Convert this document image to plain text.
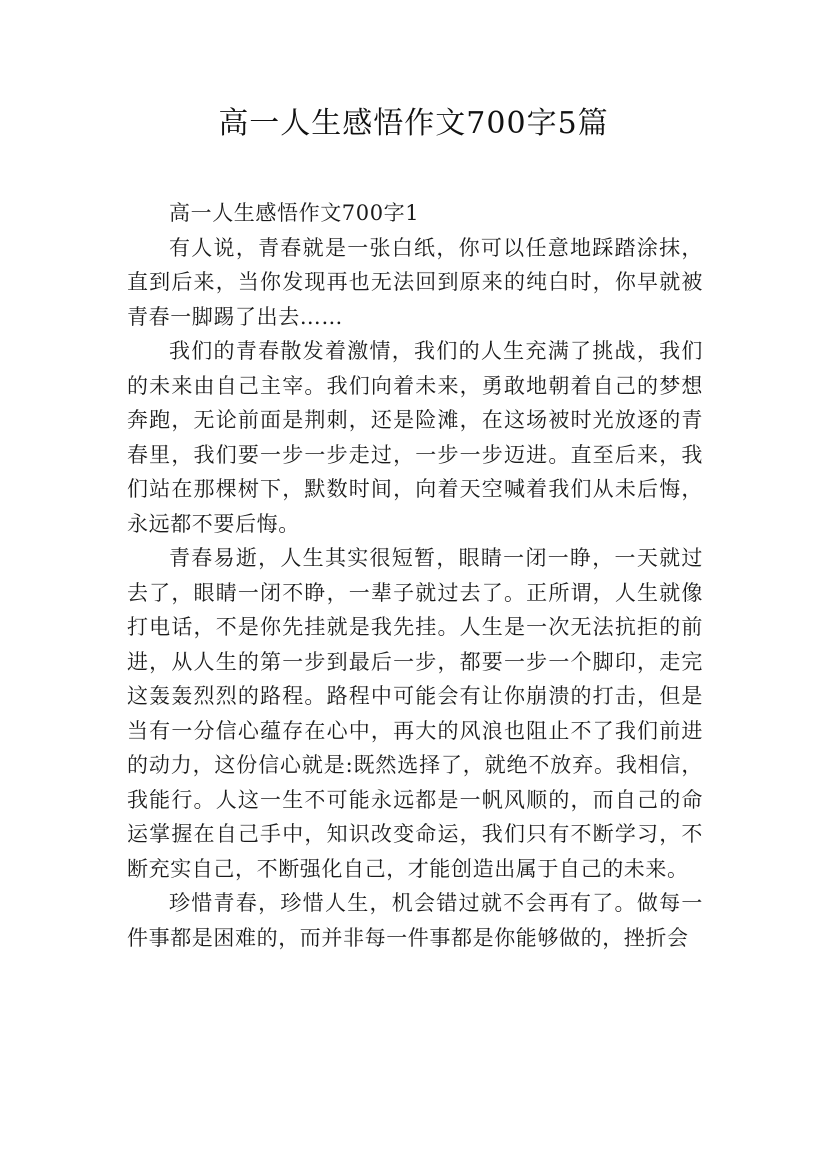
高一人生感悟作文700字5篇

高一人生感悟作文700字1

有人说，青春就是一张白纸，你可以任意地踩踏涂抹，直到后来，当你发现再也无法回到原来的纯白时，你早就被青春一脚踢了出去……

我们的青春散发着激情，我们的人生充满了挑战，我们的未来由自己主宰。我们向着未来，勇敢地朝着自己的梦想奔跑，无论前面是荆刺，还是险滩，在这场被时光放逐的青春里，我们要一步一步走过，一步一步迈进。直至后来，我们站在那棵树下，默数时间，向着天空喊着我们从未后悔，永远都不要后悔。

青春易逝，人生其实很短暂，眼睛一闭一睁，一天就过去了，眼睛一闭不睁，一辈子就过去了。正所谓，人生就像打电话，不是你先挂就是我先挂。人生是一次无法抗拒的前进，从人生的第一步到最后一步，都要一步一个脚印，走完这轰轰烈烈的路程。路程中可能会有让你崩溃的打击，但是当有一分信心蕴存在心中，再大的风浪也阻止不了我们前进的动力，这份信心就是:既然选择了，就绝不放弃。我相信，我能行。人这一生不可能永远都是一帆风顺的，而自己的命运掌握在自己手中，知识改变命运，我们只有不断学习，不断充实自己，不断强化自己，才能创造出属于自己的未来。

珍惜青春，珍惜人生，机会错过就不会再有了。做每一件事都是困难的，而并非每一件事都是你能够做的，挫折会
